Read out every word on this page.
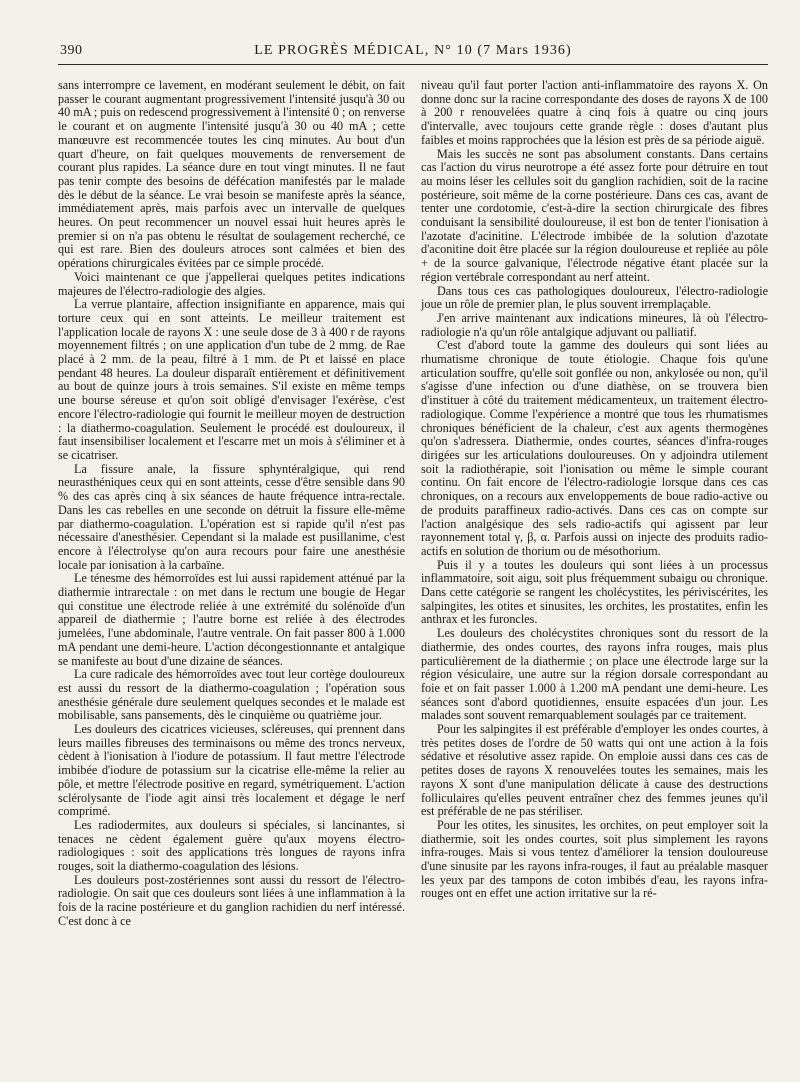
390	LE PROGRÈS MÉDICAL, N° 10 (7 Mars 1936)

sans interrompre ce lavement, en modérant seulement le débit, on fait passer le courant augmentant progressivement l'intensité jusqu'à 30 ou 40 mA ; puis on redescend progressivement à l'intensité 0 ; on renverse le courant et on augmente l'intensité jusqu'à 30 ou 40 mA ; cette manœuvre est recommencée toutes les cinq minutes. Au bout d'un quart d'heure, on fait quelques mouvements de renversement de courant plus rapides. La séance dure en tout vingt minutes. Il ne faut pas tenir compte des besoins de défécation manifestés par le malade dès le début de la séance. Le vrai besoin se manifeste après la séance, immédiatement après, mais parfois avec un intervalle de quelques heures. On peut recommencer un nouvel essai huit heures après le premier si on n'a pas obtenu le résultat de soulagement recherché, ce qui est rare. Bien des douleurs atroces sont calmées et bien des opérations chirurgicales évitées par ce simple procédé.

Voici maintenant ce que j'appellerai quelques petites indications majeures de l'électro-radiologie des algies.

La verrue plantaire, affection insignifiante en apparence, mais qui torture ceux qui en sont atteints. Le meilleur traitement est l'application locale de rayons X : une seule dose de 3 à 400 r de rayons moyennement filtrés ; on une application d'un tube de 2 mmg. de Rae placé à 2 mm. de la peau, filtré à 1 mm. de Pt et laissé en place pendant 48 heures. La douleur disparaît entièrement et définitivement au bout de quinze jours à trois semaines. S'il existe en même temps une bourse séreuse et qu'on soit obligé d'envisager l'exérèse, c'est encore l'électro-radiologie qui fournit le meilleur moyen de destruction : la diathermo-coagulation. Seulement le procédé est douloureux, il faut insensibiliser localement et l'escarre met un mois à s'éliminer et à se cicatriser.

La fissure anale, la fissure sphyntéralgique, qui rend neurasthéniques ceux qui en sont atteints, cesse d'être sensible dans 90 % des cas après cinq à six séances de haute fréquence intra-rectale. Dans les cas rebelles en une seconde on détruit la fissure elle-même par diathermo-coagulation. L'opération est si rapide qu'il n'est pas nécessaire d'anesthésier. Cependant si la malade est pusillanime, c'est encore à l'électrolyse qu'on aura recours pour faire une anesthésie locale par ionisation à la carbaïne.

Le ténesme des hémorroïdes est lui aussi rapidement atténué par la diathermie intrarectale : on met dans le rectum une bougie de Hegar qui constitue une électrode reliée à une extrémité du solénoïde d'un appareil de diathermie ; l'autre borne est reliée à des électrodes jumelées, l'une abdominale, l'autre ventrale. On fait passer 800 à 1.000 mA pendant une demi-heure. L'action décongestionnante et antalgique se manifeste au bout d'une dizaine de séances.

La cure radicale des hémorroïdes avec tout leur cortège douloureux est aussi du ressort de la diathermo-coagulation ; l'opération sous anesthésie générale dure seulement quelques secondes et le malade est mobilisable, sans pansements, dès le cinquième ou quatrième jour.

Les douleurs des cicatrices vicieuses, scléreuses, qui prennent dans leurs mailles fibreuses des terminaisons ou même des troncs nerveux, cèdent à l'ionisation à l'iodure de potassium. Il faut mettre l'électrode imbibée d'iodure de potassium sur la cicatrise elle-même la relier au pôle, et mettre l'électrode positive en regard, symétriquement. L'action sclérolysante de l'iode agit ainsi très localement et dégage le nerf comprimé.

Les radiodermites, aux douleurs si spéciales, si lancinantes, si tenaces ne cèdent également guère qu'aux moyens électro-radiologiques : soit des applications très longues de rayons infra rouges, soit la diathermo-coagulation des lésions.

Les douleurs post-zostériennes sont aussi du ressort de l'électro-radiologie. On sait que ces douleurs sont liées à une inflammation à la fois de la racine postérieure et du ganglion rachidien du nerf intéressé. C'est donc à ce

niveau qu'il faut porter l'action anti-inflammatoire des rayons X. On donne donc sur la racine correspondante des doses de rayons X de 100 à 200 r renouvelées quatre à cinq fois à quatre ou cinq jours d'intervalle, avec toujours cette grande règle : doses d'autant plus faibles et moins rapprochées que la lésion est près de sa période aiguë.

Mais les succès ne sont pas absolument constants. Dans certains cas l'action du virus neurotrope a été assez forte pour détruire en tout au moins léser les cellules soit du ganglion rachidien, soit de la racine postérieure, soit même de la corne postérieure. Dans ces cas, avant de tenter une cordotomie, c'est-à-dire la section chirurgicale des fibres conduisant la sensibilité douloureuse, il est bon de tenter l'ionisation à l'azotate d'acinitine. L'électrode imbibée de la solution d'azotate d'aconitine doit être placée sur la région douloureuse et repliée au pôle + de la source galvanique, l'électrode négative étant placée sur la région vertébrale correspondant au nerf atteint.

Dans tous ces cas pathologiques douloureux, l'électro-radiologie joue un rôle de premier plan, le plus souvent irremplaçable.

J'en arrive maintenant aux indications mineures, là où l'électro-radiologie n'a qu'un rôle antalgique adjuvant ou palliatif.

C'est d'abord toute la gamme des douleurs qui sont liées au rhumatisme chronique de toute étiologie. Chaque fois qu'une articulation souffre, qu'elle soit gonflée ou non, ankylosée ou non, qu'il s'agisse d'une infection ou d'une diathèse, on se trouvera bien d'instituer à côté du traitement médicamenteux, un traitement électro-radiologique. Comme l'expérience a montré que tous les rhumatismes chroniques bénéficient de la chaleur, c'est aux agents thermogènes qu'on s'adressera. Diathermie, ondes courtes, séances d'infra-rouges dirigées sur les articulations douloureuses. On y adjoindra utilement soit la radiothérapie, soit l'ionisation ou même le simple courant continu. On fait encore de l'électro-radiologie lorsque dans ces cas chroniques, on a recours aux enveloppements de boue radio-active ou de produits paraffineux radio-activés. Dans ces cas on compte sur l'action analgésique des sels radio-actifs qui agissent par leur rayonnement total γ, β, α. Parfois aussi on injecte des produits radio-actifs en solution de thorium ou de mésothorium.

Puis il y a toutes les douleurs qui sont liées à un processus inflammatoire, soit aigu, soit plus fréquemment subaigu ou chronique. Dans cette catégorie se rangent les cholécystites, les périviscérites, les salpingites, les otites et sinusites, les orchites, les prostatites, enfin les anthrax et les furoncles.

Les douleurs des cholécystites chroniques sont du ressort de la diathermie, des ondes courtes, des rayons infra rouges, mais plus particulièrement de la diathermie ; on place une électrode large sur la région vésiculaire, une autre sur la région dorsale correspondant au foie et on fait passer 1.000 à 1.200 mA pendant une demi-heure. Les séances sont d'abord quotidiennes, ensuite espacées d'un jour. Les malades sont souvent remarquablement soulagés par ce traitement.

Pour les salpingites il est préférable d'employer les ondes courtes, à très petites doses de l'ordre de 50 watts qui ont une action à la fois sédative et résolutive assez rapide. On emploie aussi dans ces cas de petites doses de rayons X renouvelées toutes les semaines, mais les rayons X sont d'une manipulation délicate à cause des destructions folliculaires qu'elles peuvent entraîner chez des femmes jeunes qu'il est préférable de ne pas stériliser.

Pour les otites, les sinusites, les orchites, on peut employer soit la diathermie, soit les ondes courtes, soit plus simplement les rayons infra-rouges. Mais si vous tentez d'améliorer la tension douloureuse d'une sinusite par les rayons infra-rouges, il faut au préalable masquer les yeux par des tampons de coton imbibés d'eau, les rayons infra-rouges ont en effet une action irritative sur la ré-
